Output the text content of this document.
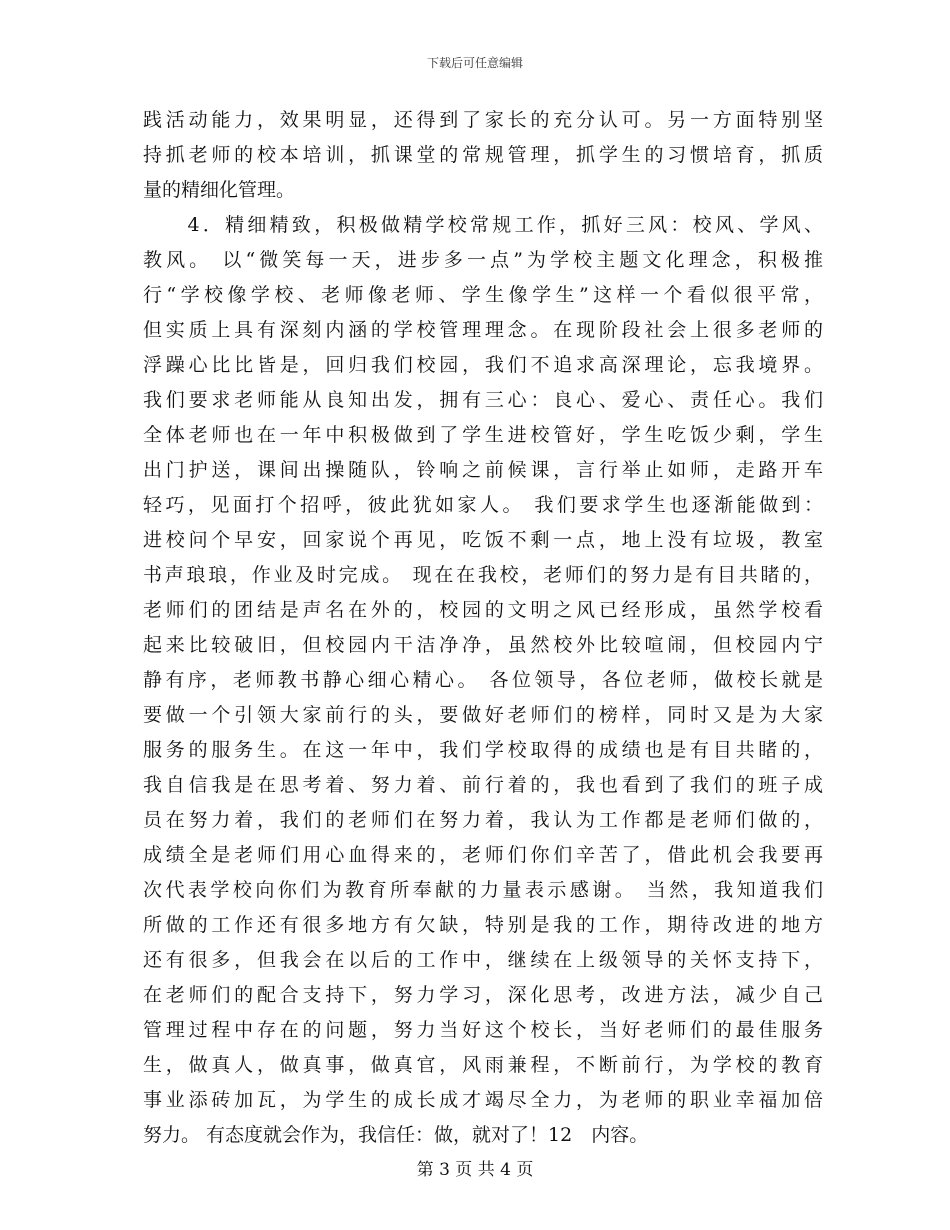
下载后可任意编辑
践活动能力，效果明显，还得到了家长的充分认可。另一方面特别坚
持抓老师的校本培训，抓课堂的常规管理，抓学生的习惯培育，抓质
量的精细化管理。
　　4．精细精致，积极做精学校常规工作，抓好三风：校风、学风、
教风。 以“微笑每一天，进步多一点”为学校主题文化理念，积极推
行“学校像学校、老师像老师、学生像学生”这样一个看似很平常，
但实质上具有深刻内涵的学校管理理念。在现阶段社会上很多老师的
浮躁心比比皆是，回归我们校园，我们不追求高深理论，忘我境界。
我们要求老师能从良知出发，拥有三心：良心、爱心、责任心。我们
全体老师也在一年中积极做到了学生进校管好，学生吃饭少剩，学生
出门护送，课间出操随队，铃响之前候课，言行举止如师，走路开车
轻巧，见面打个招呼，彼此犹如家人。 我们要求学生也逐渐能做到：
进校问个早安，回家说个再见，吃饭不剩一点，地上没有垃圾，教室
书声琅琅，作业及时完成。 现在在我校，老师们的努力是有目共睹的，
老师们的团结是声名在外的，校园的文明之风已经形成，虽然学校看
起来比较破旧，但校园内干洁净净，虽然校外比较喧闹，但校园内宁
静有序，老师教书静心细心精心。 各位领导，各位老师，做校长就是
要做一个引领大家前行的头，要做好老师们的榜样，同时又是为大家
服务的服务生。在这一年中，我们学校取得的成绩也是有目共睹的，
我自信我是在思考着、努力着、前行着的，我也看到了我们的班子成
员在努力着，我们的老师们在努力着，我认为工作都是老师们做的，
成绩全是老师们用心血得来的，老师们你们辛苦了，借此机会我要再
次代表学校向你们为教育所奉献的力量表示感谢。 当然，我知道我们
所做的工作还有很多地方有欠缺，特别是我的工作，期待改进的地方
还有很多，但我会在以后的工作中，继续在上级领导的关怀支持下，
在老师们的配合支持下，努力学习，深化思考，改进方法，减少自己
管理过程中存在的问题，努力当好这个校长，当好老师们的最佳服务
生，做真人，做真事，做真官，风雨兼程，不断前行，为学校的教育
事业添砖加瓦，为学生的成长成才竭尽全力，为老师的职业幸福加倍
努力。 有态度就会作为，我信任：做，就对了！12　内容。
第 3 页 共 4 页
